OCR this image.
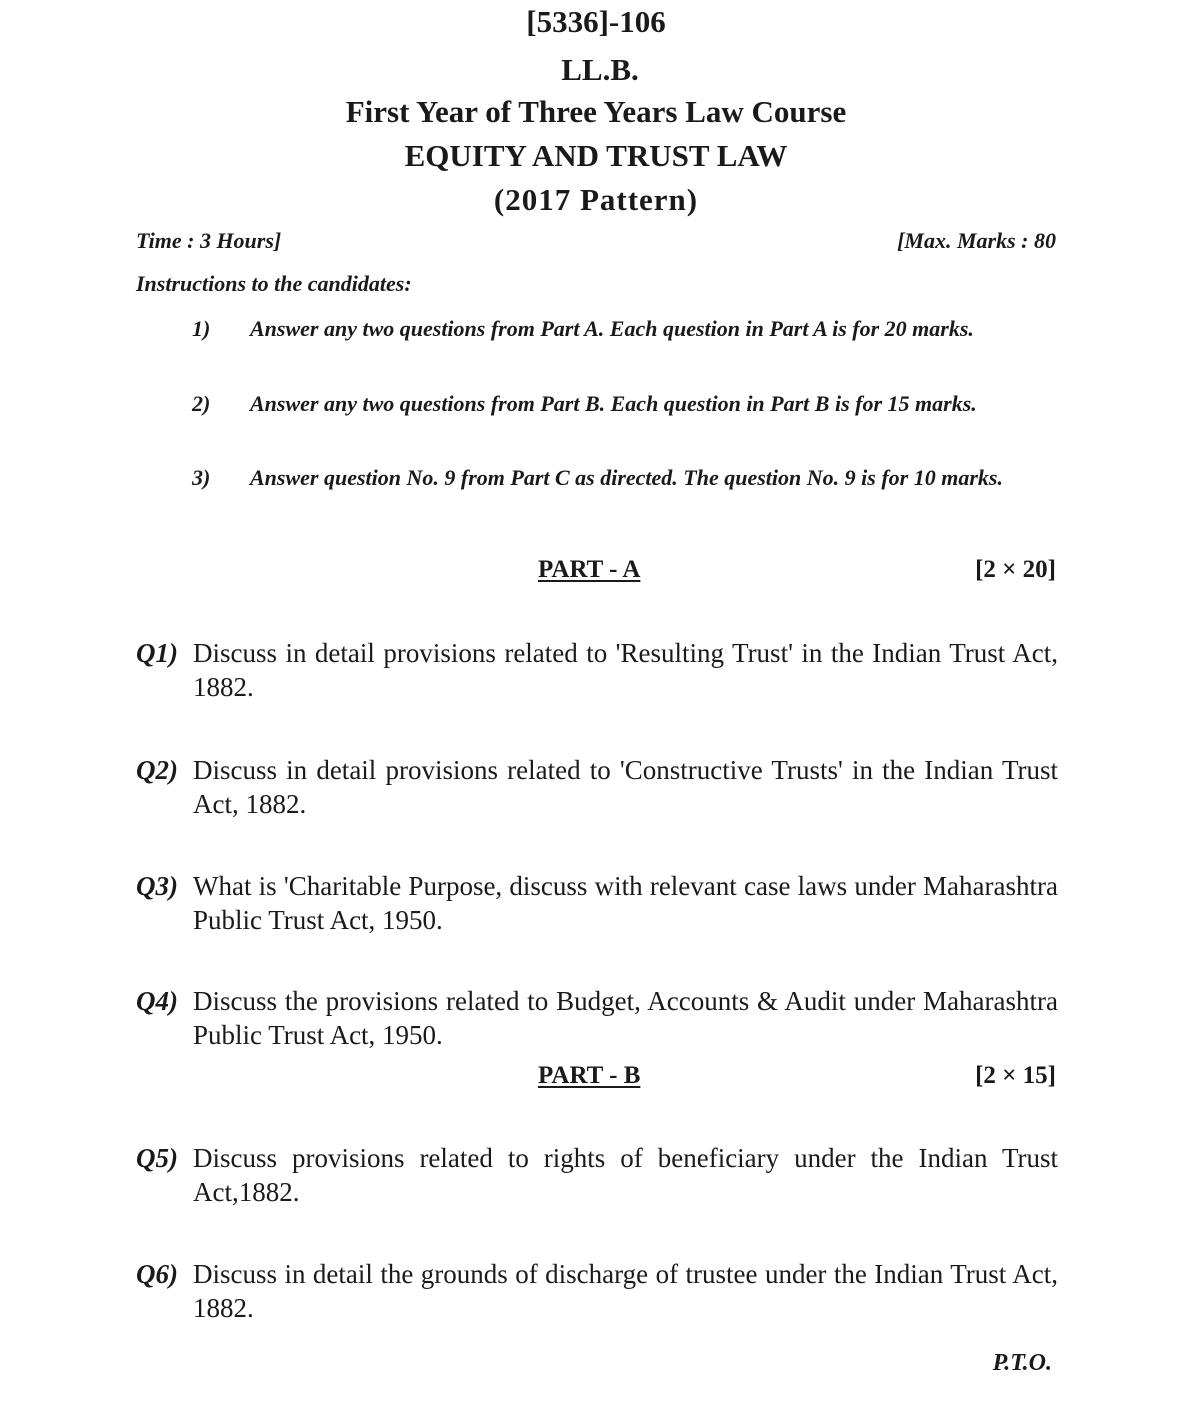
[5336]-106
LL.B.
First Year of Three Years Law Course
EQUITY AND TRUST LAW
(2017 Pattern)
Time : 3 Hours]	[Max. Marks : 80
Instructions to the candidates:
1)	Answer any two questions from Part A. Each question in Part A is for 20 marks.
2)	Answer any two questions from Part B. Each question in Part B is for 15 marks.
3)	Answer question No. 9 from Part C as directed. The question No. 9 is for 10 marks.
PART - A	[2 × 20]
Q1) Discuss in detail provisions related to 'Resulting Trust' in the Indian Trust Act, 1882.
Q2) Discuss in detail provisions related to 'Constructive Trusts' in the Indian Trust Act, 1882.
Q3) What is 'Charitable Purpose, discuss with relevant case laws under Maharashtra Public Trust Act, 1950.
Q4) Discuss the provisions related to Budget, Accounts & Audit under Maharashtra Public Trust Act, 1950.
PART - B	[2 × 15]
Q5) Discuss provisions related to rights of beneficiary under the Indian Trust Act,1882.
Q6) Discuss in detail the grounds of discharge of trustee under the Indian Trust Act, 1882.
P.T.O.
